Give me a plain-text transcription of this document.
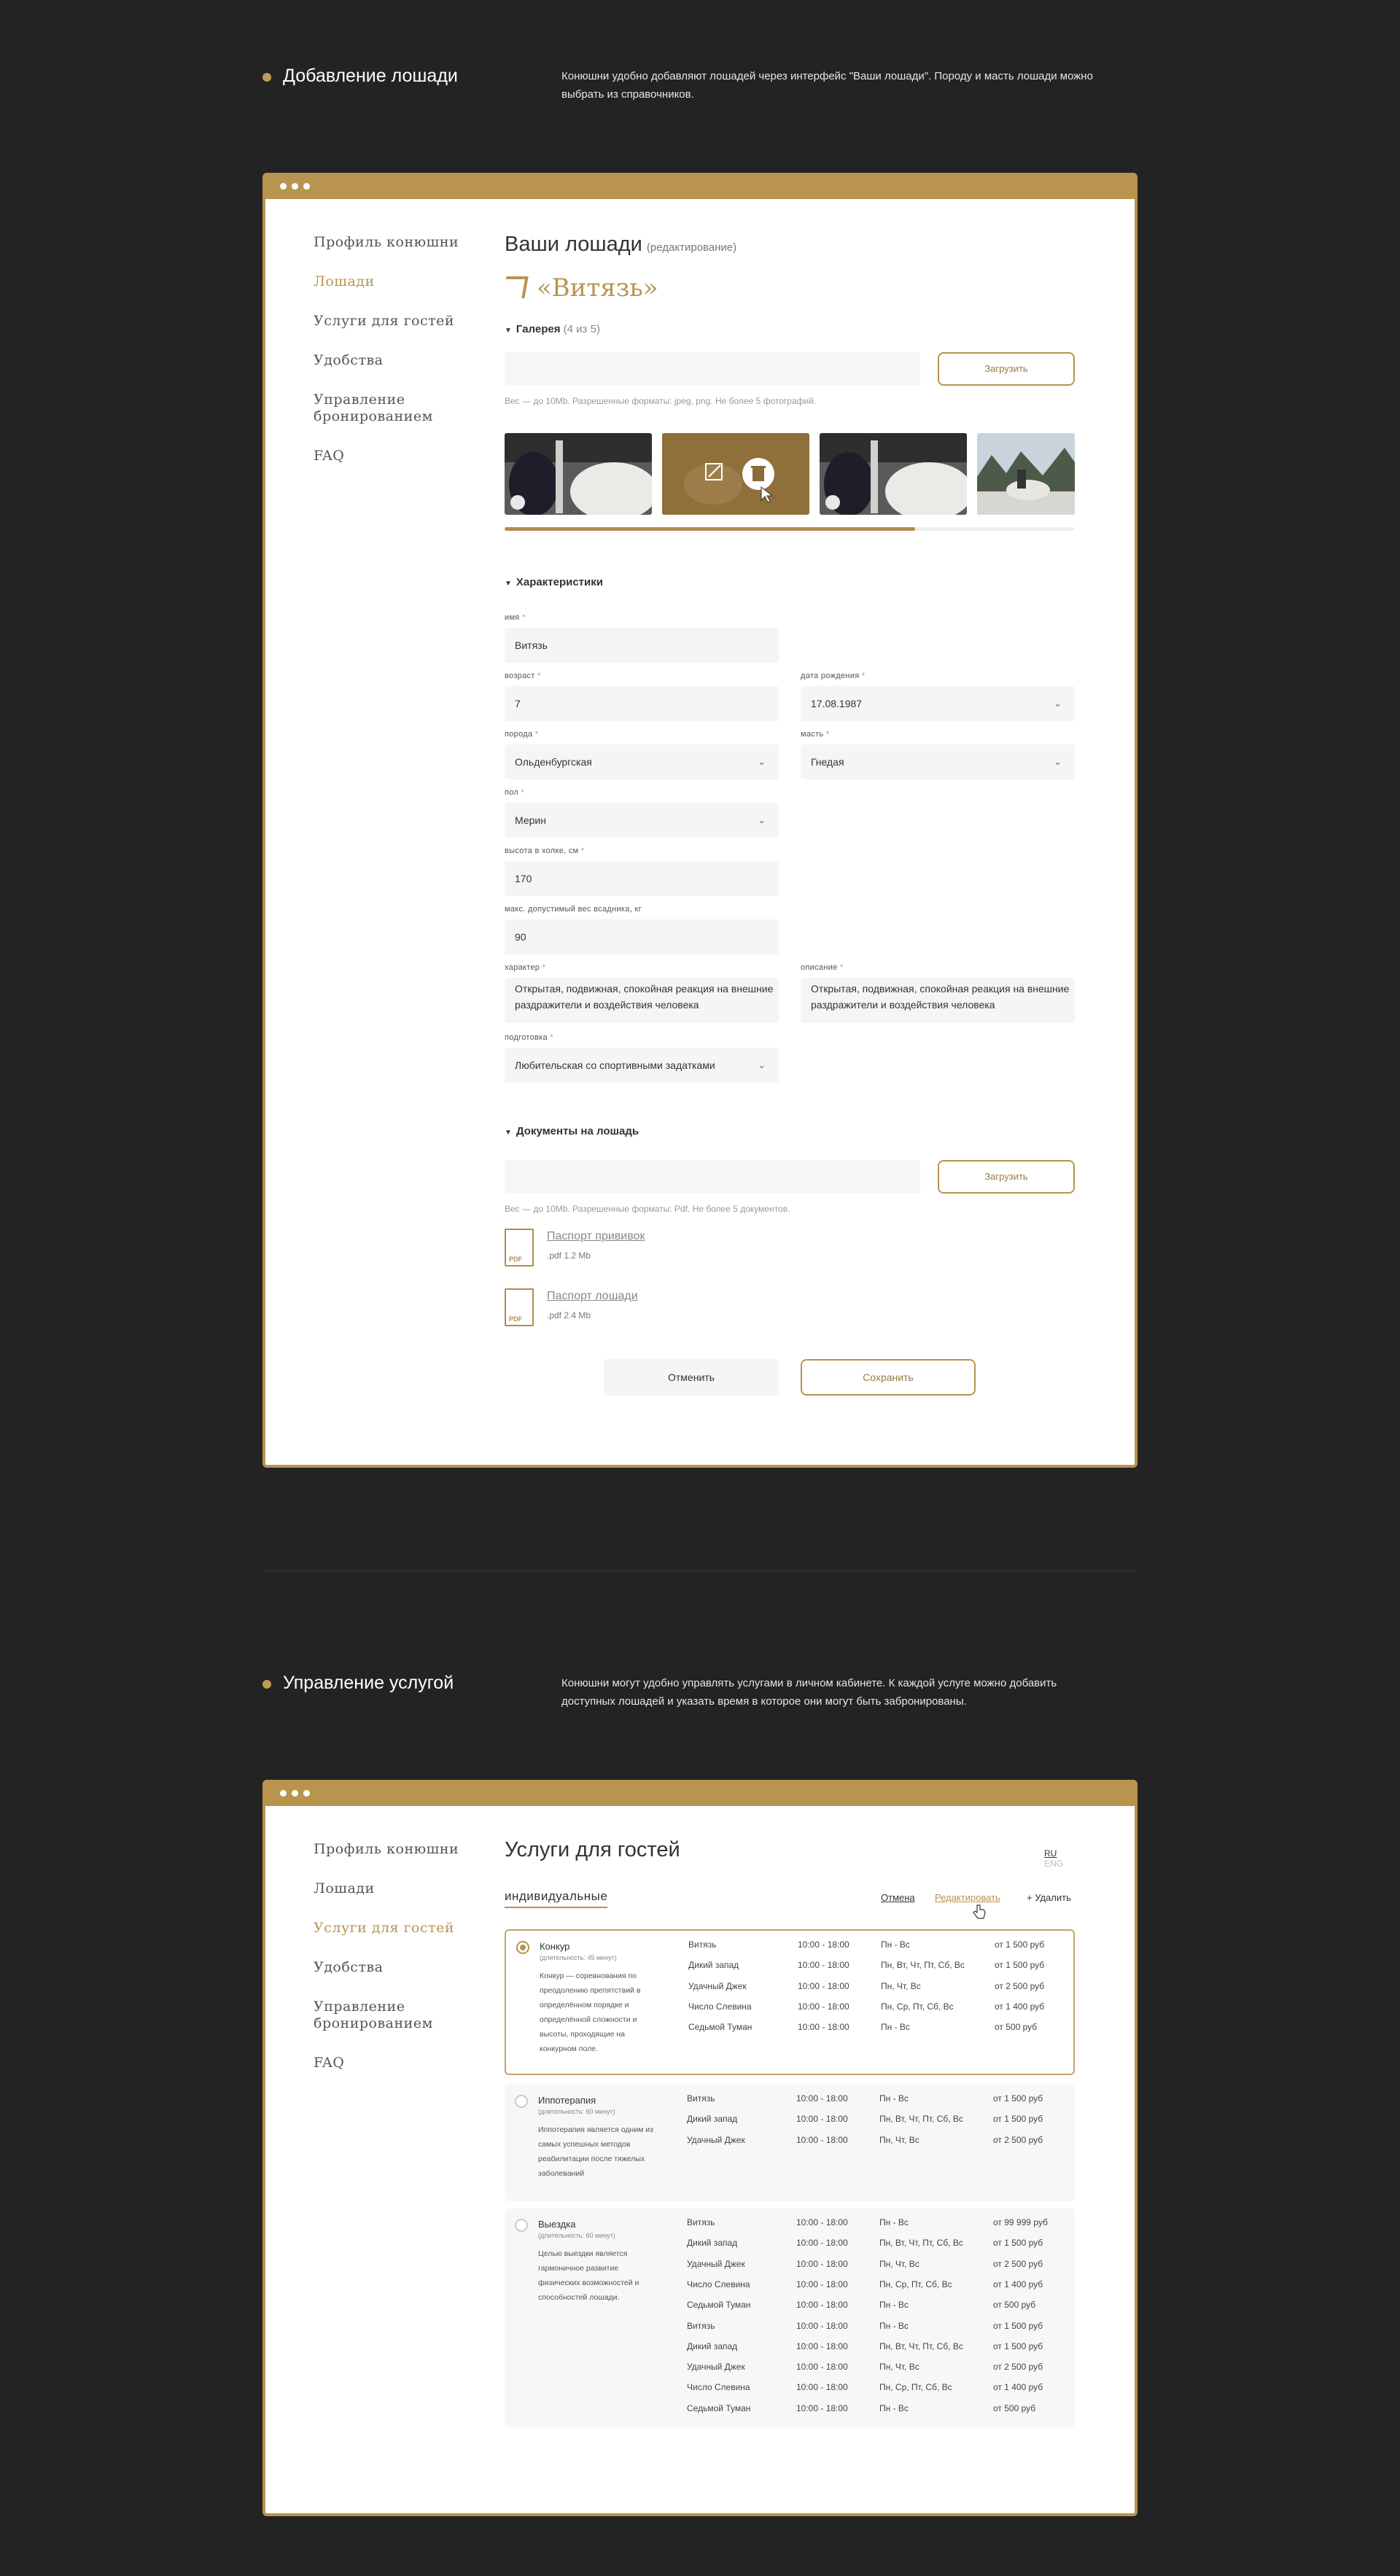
Добавление лошади	Конюшни удобно добавляют лошадей через интерфейс "Ваши лошади". Породу и масть лошади можно выбрать из справочников.

Профиль конюшни
Лошади
Услуги для гостей
Удобства
Управление бронированием
FAQ
Ваши лошади (редактирование)
«Витязь»
▼ Галерея (4 из 5)
Загрузить
Вес — до 10Mb. Разрешенные форматы: jpeg, png. Не более 5 фотографий.
▼ Характеристики
имя *
Витязь
возраст *
7
дата рождения *
17.08.1987	⌄
порода *
Ольденбургская	⌄
масть *
Гнедая	⌄
пол *
Мерин	⌄
высота в холке, см *
170
макс. допустимый вес всадника, кг
90
характер *
Открытая, подвижная, спокойная реакция на внешние раздражители и воздействия человека
описание *
Открытая, подвижная, спокойная реакция на внешние раздражители и воздействия человека
подготовка *
Любительская со спортивными задатками	⌄
▼ Документы на лошадь
Загрузить
Вес — до 10Mb. Разрешенные форматы: Pdf. Не более 5 документов.
PDF
Паспорт прививок
.pdf 1.2 Mb
PDF
Паспорт лошади
.pdf 2.4 Mb
Отменить	Сохранить
Управление услугой	Конюшни могут удобно управлять услугами в личном кабинете. К каждой услуге можно добавить доступных лошадей и указать время в которое они могут быть забронированы.

Профиль конюшни
Лошади
Услуги для гостей
Удобства
Управление бронированием
FAQ
Услуги для гостей	RU ENG
индивидуальные	Отмена Редактировать	+ Удалить
Конкур
(длительность: 45 минут)
Конкур — соревнования по преодолению препятствий в определённом порядке и определённой сложности и высоты, проходящие на конкурном поле.
Витязь	10:00 - 18:00	Пн - Вс	от 1 500 руб
Дикий запад	10:00 - 18:00	Пн, Вт, Чт, Пт, Сб, Вс	от 1 500 руб
Удачный Джек	10:00 - 18:00	Пн, Чт, Вс	от 2 500 руб
Число Слевина	10:00 - 18:00	Пн, Ср, Пт, Сб, Вс	от 1 400 руб
Седьмой Туман	10:00 - 18:00	Пн - Вс	от 500 руб
Иппотерапия
(длительность: 60 минут)
Иппотерапия является одним из самых успешных методов реабилитации после тяжелых заболеваний
Витязь	10:00 - 18:00	Пн - Вс	от 1 500 руб
Дикий запад	10:00 - 18:00	Пн, Вт, Чт, Пт, Сб, Вс	от 1 500 руб
Удачный Джек	10:00 - 18:00	Пн, Чт, Вс	от 2 500 руб
Выездка
(длительность: 60 минут)
Целью выездки является гармоничное развитие физических возможностей и способностей лошади.
Витязь	10:00 - 18:00	Пн - Вс	от 99 999 руб
Дикий запад	10:00 - 18:00	Пн, Вт, Чт, Пт, Сб, Вс	от 1 500 руб
Удачный Джек	10:00 - 18:00	Пн, Чт, Вс	от 2 500 руб
Число Слевина	10:00 - 18:00	Пн, Ср, Пт, Сб, Вс	от 1 400 руб
Седьмой Туман	10:00 - 18:00	Пн - Вс	от 500 руб
Витязь	10:00 - 18:00	Пн - Вс	от 1 500 руб
Дикий запад	10:00 - 18:00	Пн, Вт, Чт, Пт, Сб, Вс	от 1 500 руб
Удачный Джек	10:00 - 18:00	Пн, Чт, Вс	от 2 500 руб
Число Слевина	10:00 - 18:00	Пн, Ср, Пт, Сб, Вс	от 1 400 руб
Седьмой Туман	10:00 - 18:00	Пн - Вс	от 500 руб
